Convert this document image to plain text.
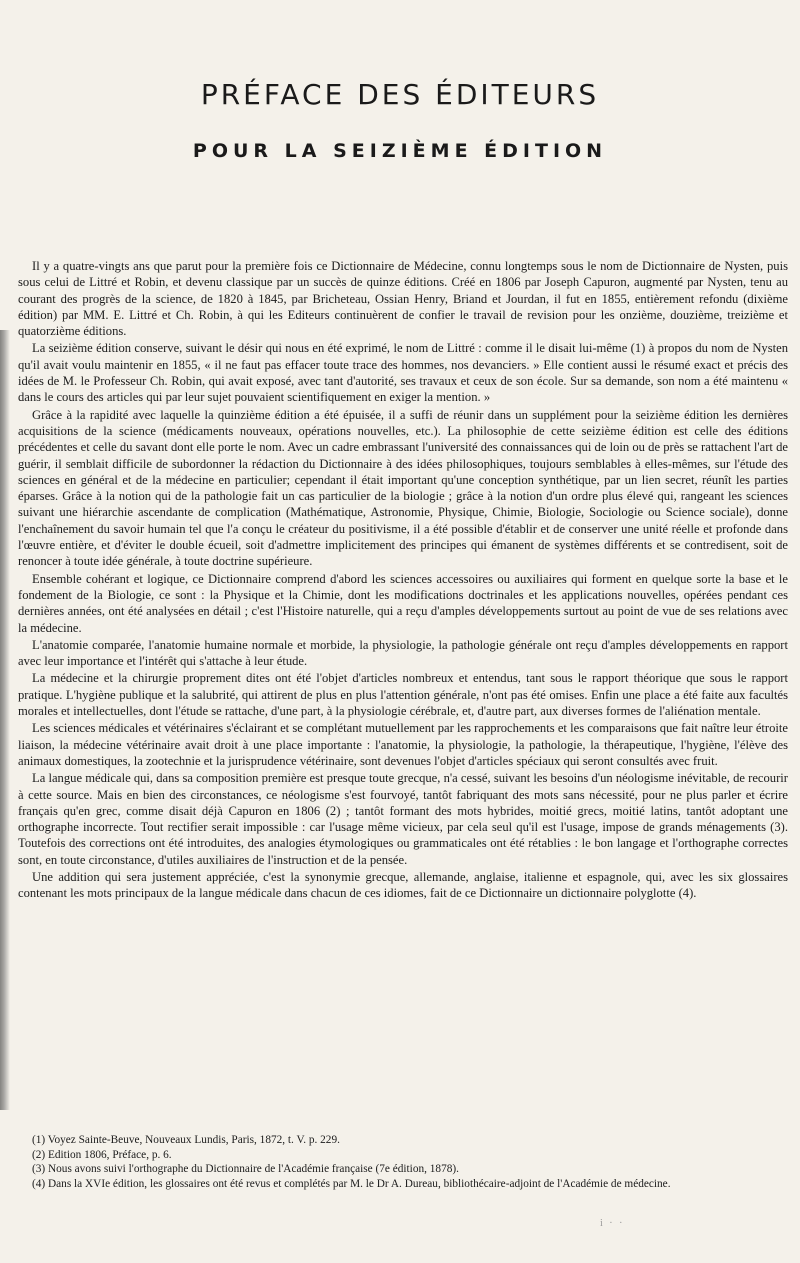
PRÉFACE DES ÉDITEURS
POUR LA SEIZIÈME ÉDITION

Il y a quatre-vingts ans que parut pour la première fois ce Dictionnaire de Médecine, connu longtemps sous le nom de Dictionnaire de Nysten, puis sous celui de Littré et Robin, et devenu classique par un succès de quinze éditions. Créé en 1806 par Joseph Capuron, augmenté par Nysten, tenu au courant des progrès de la science, de 1820 à 1845, par Bricheteau, Ossian Henry, Briand et Jourdan, il fut en 1855, entièrement refondu (dixième édition) par MM. E. Littré et Ch. Robin, à qui les Editeurs continuèrent de confier le travail de revision pour les onzième, douzième, treizième et quatorzième éditions.

La seizième édition conserve, suivant le désir qui nous en été exprimé, le nom de Littré : comme il le disait lui-même (1) à propos du nom de Nysten qu'il avait voulu maintenir en 1855, « il ne faut pas effacer toute trace des hommes, nos devanciers. » Elle contient aussi le résumé exact et précis des idées de M. le Professeur Ch. Robin, qui avait exposé, avec tant d'autorité, ses travaux et ceux de son école. Sur sa demande, son nom a été maintenu « dans le cours des articles qui par leur sujet pouvaient scientifiquement en exiger la mention. »

Grâce à la rapidité avec laquelle la quinzième édition a été épuisée, il a suffi de réunir dans un supplément pour la seizième édition les dernières acquisitions de la science (médicaments nouveaux, opérations nouvelles, etc.). La philosophie de cette seizième édition est celle des éditions précédentes et celle du savant dont elle porte le nom. Avec un cadre embrassant l'université des connaissances qui de loin ou de près se rattachent l'art de guérir, il semblait difficile de subordonner la rédaction du Dictionnaire à des idées philosophiques, toujours semblables à elles-mêmes, sur l'étude des sciences en général et de la médecine en particulier; cependant il était important qu'une conception synthétique, par un lien secret, réunît les parties éparses. Grâce à la notion qui de la pathologie fait un cas particulier de la biologie ; grâce à la notion d'un ordre plus élevé qui, rangeant les sciences suivant une hiérarchie ascendante de complication (Mathématique, Astronomie, Physique, Chimie, Biologie, Sociologie ou Science sociale), donne l'enchaînement du savoir humain tel que l'a conçu le créateur du positivisme, il a été possible d'établir et de conserver une unité réelle et profonde dans l'œuvre entière, et d'éviter le double écueil, soit d'admettre implicitement des principes qui émanent de systèmes différents et se contredisent, soit de renoncer à toute idée générale, à toute doctrine supérieure.

Ensemble cohérant et logique, ce Dictionnaire comprend d'abord les sciences accessoires ou auxiliaires qui forment en quelque sorte la base et le fondement de la Biologie, ce sont : la Physique et la Chimie, dont les modifications doctrinales et les applications nouvelles, opérées pendant ces dernières années, ont été analysées en détail ; c'est l'Histoire naturelle, qui a reçu d'amples développements surtout au point de vue de ses relations avec la médecine.

L'anatomie comparée, l'anatomie humaine normale et morbide, la physiologie, la pathologie générale ont reçu d'amples développements en rapport avec leur importance et l'intérêt qui s'attache à leur étude.

La médecine et la chirurgie proprement dites ont été l'objet d'articles nombreux et entendus, tant sous le rapport théorique que sous le rapport pratique. L'hygiène publique et la salubrité, qui attirent de plus en plus l'attention générale, n'ont pas été omises. Enfin une place a été faite aux facultés morales et intellectuelles, dont l'étude se rattache, d'une part, à la physiologie cérébrale, et, d'autre part, aux diverses formes de l'aliénation mentale.

Les sciences médicales et vétérinaires s'éclairant et se complétant mutuellement par les rapprochements et les comparaisons que fait naître leur étroite liaison, la médecine vétérinaire avait droit à une place importante : l'anatomie, la physiologie, la pathologie, la thérapeutique, l'hygiène, l'élève des animaux domestiques, la zootechnie et la jurisprudence vétérinaire, sont devenues l'objet d'articles spéciaux qui seront consultés avec fruit.

La langue médicale qui, dans sa composition première est presque toute grecque, n'a cessé, suivant les besoins d'un néologisme inévitable, de recourir à cette source. Mais en bien des circonstances, ce néologisme s'est fourvoyé, tantôt fabriquant des mots sans nécessité, pour ne plus parler et écrire français qu'en grec, comme disait déjà Capuron en 1806 (2) ; tantôt formant des mots hybrides, moitié grecs, moitié latins, tantôt adoptant une orthographe incorrecte. Tout rectifier serait impossible : car l'usage même vicieux, par cela seul qu'il est l'usage, impose de grands ménagements (3). Toutefois des corrections ont été introduites, des analogies étymologiques ou grammaticales ont été rétablies : le bon langage et l'orthographe correctes sont, en toute circonstance, d'utiles auxiliaires de l'instruction et de la pensée.

Une addition qui sera justement appréciée, c'est la synonymie grecque, allemande, anglaise, italienne et espagnole, qui, avec les six glossaires contenant les mots principaux de la langue médicale dans chacun de ces idiomes, fait de ce Dictionnaire un dictionnaire polyglotte (4).

(1) Voyez Sainte-Beuve, Nouveaux Lundis, Paris, 1872, t. V. p. 229.

(2) Edition 1806, Préface, p. 6.

(3) Nous avons suivi l'orthographe du Dictionnaire de l'Académie française (7e édition, 1878).

(4) Dans la XVIe édition, les glossaires ont été revus et complétés par M. le Dr A. Dureau, bibliothécaire-adjoint de l'Académie de médecine.

i · ·
